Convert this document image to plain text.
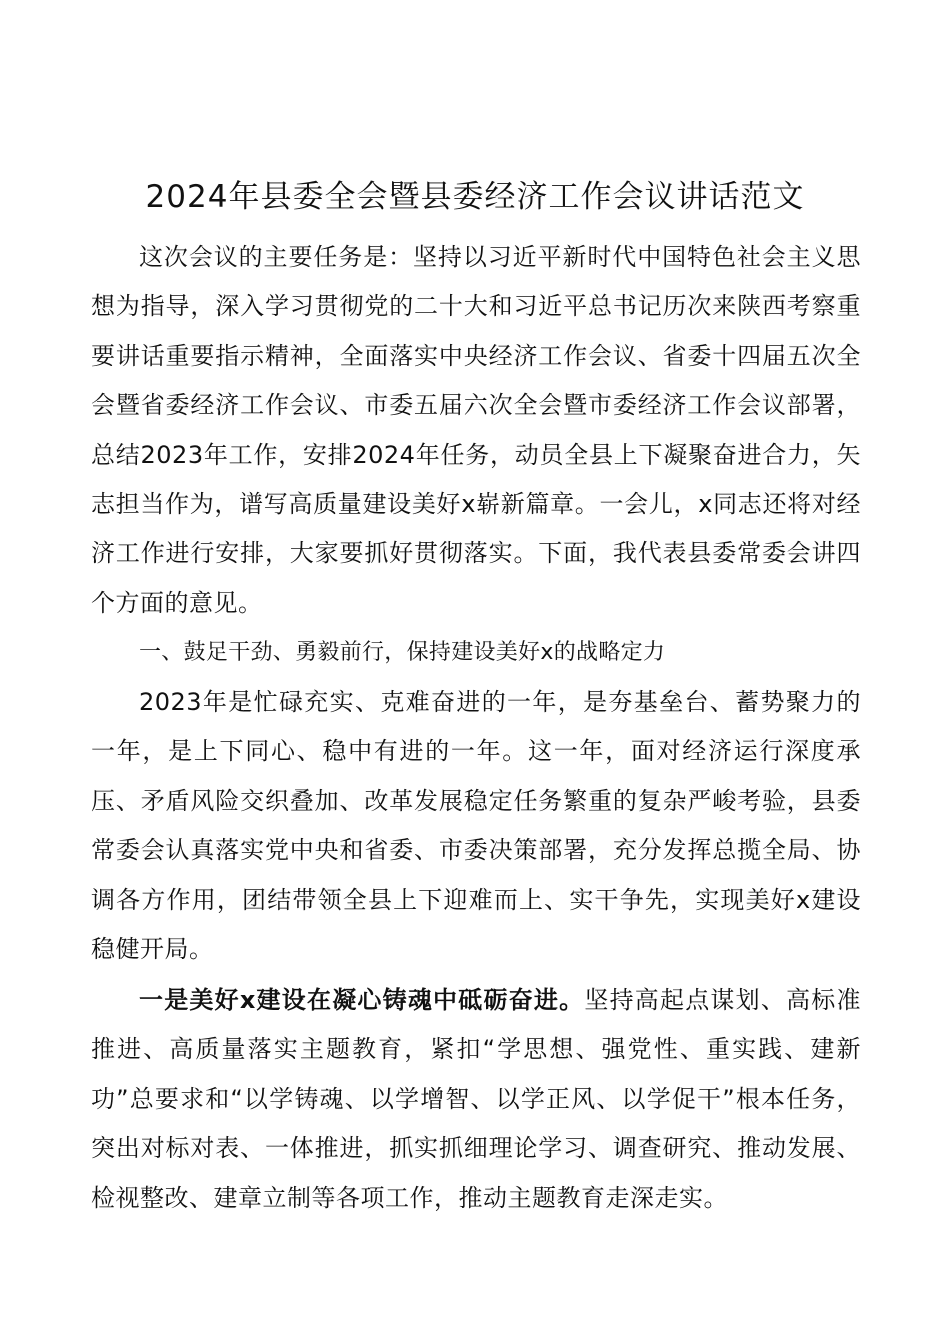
2024年县委全会暨县委经济工作会议讲话范文

这次会议的主要任务是：坚持以习近平新时代中国特色社会主义思想为指导，深入学习贯彻党的二十大和习近平总书记历次来陕西考察重要讲话重要指示精神，全面落实中央经济工作会议、省委十四届五次全会暨省委经济工作会议、市委五届六次全会暨市委经济工作会议部署，总结2023年工作，安排2024年任务，动员全县上下凝聚奋进合力，矢志担当作为，谱写高质量建设美好x崭新篇章。一会儿，x同志还将对经济工作进行安排，大家要抓好贯彻落实。下面，我代表县委常委会讲四个方面的意见。

一、鼓足干劲、勇毅前行，保持建设美好x的战略定力

2023年是忙碌充实、克难奋进的一年，是夯基垒台、蓄势聚力的一年，是上下同心、稳中有进的一年。这一年，面对经济运行深度承压、矛盾风险交织叠加、改革发展稳定任务繁重的复杂严峻考验，县委常委会认真落实党中央和省委、市委决策部署，充分发挥总揽全局、协调各方作用，团结带领全县上下迎难而上、实干争先，实现美好x建设稳健开局。

一是美好x建设在凝心铸魂中砥砺奋进。坚持高起点谋划、高标准推进、高质量落实主题教育，紧扣“学思想、强党性、重实践、建新功”总要求和“以学铸魂、以学增智、以学正风、以学促干”根本任务，突出对标对表、一体推进，抓实抓细理论学习、调查研究、推动发展、检视整改、建章立制等各项工作，推动主题教育走深走实。
